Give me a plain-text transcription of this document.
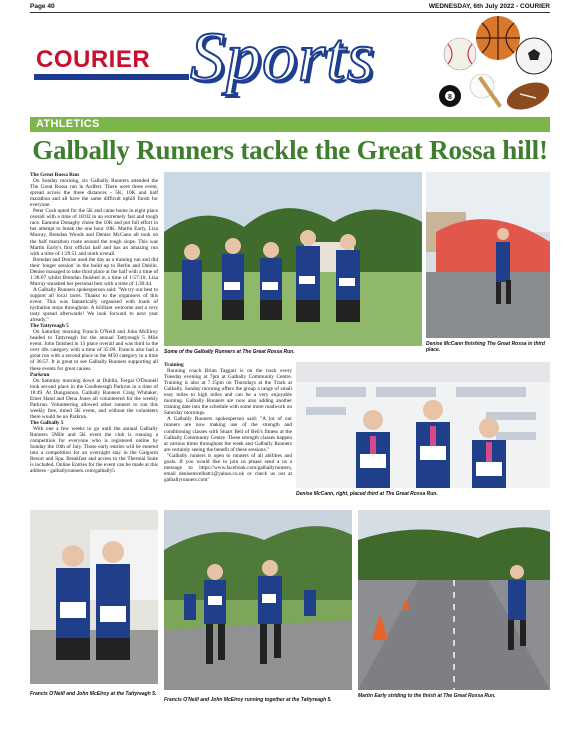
Page 40	WEDNESDAY, 6th July 2022 - COURIER
COURIER Sports
8
ATHLETICS
Galbally Runners tackle the Great Rossa hill!

The Great Rossa Run

On Sunday morning, six Galbally Runners attended the The Great Rossa run in Ardfert. There were three event, spread across the three distances - 5K, 10K and half marathon and all have the same difficult uphill finish for everyone.

Peter Cosh opted for the 5K and came home in eight place overall with a time of 18:02 in an extremely fast and tough race. Eamonn Donaghy chose the 10K and put full effort in her attempt to break the one hour 10K. Martin Early, Liza Murray, Brendan Woods and Denise McCann all took on the half marathon route around the tough slope. This was Martin Early's first official half and has an amazing run with a time of 1:29:51 and ninth overall.

Brendan and Denise used the day as a training run and did their 'longer session' in the build up to Berlin and Dublin. Denise managed to take third place at the half with a time of 1:38:07 whilst Brendan finished in a time of 1:57:10. Liza Murray smashed her personal best with a time of 1:30:44.

A Galbally Runners spokesperson said: "We try our best to support all local races. Thanks to the organisers of this event. This was fantastically organised with loads of hydration stops throughout. A brilliant welcome and a very tasty spread afterwards! We look forward to next year already."

The Tattyreagh 5

On Saturday morning Francis O'Neill and John McElroy headed to Tattyreagh for the annual Tattyreagh 5 Mile event. John finished in 13 place overall and was third in the over 40s category with a time of 35:09. Francis also had a great run with a second place in the M50 category in a time of 36:57. It is great to see Galbally Runners supporting all these events for great causes.

Parkrun

On Saturday morning down at Dublin, Fergal O'Donnell took second place in the Coolkeeragh Parkrun in a time of 18:49. At Dungannon, Galbally Runners Craig Whitaker, Emer Hand and Dena Jones all volunteered for the weekly Parkrun. Volunteering allowed other runners to run this weekly free, timed 5K event, and without the volunteers there would be no Parkrun.

The Galbally 5

With one a few weeks to go until the annual Galbally Runners 5Mile and 5K event the club is running a competition for everyone who is registered online by Sunday the 10th of July. Those early entries will be entered into a competition for an overnight stay in the Galgorm Resort and Spa. Breakfast and access to the Thermal Suite is included. Online Entries for the event can be made at this address - galballyrunners.com/galbally5

Some of the Galbally Runners at The Great Rossa Run.
Denise McCann finishing The Great Rossa in third place.
Denise McCann, right, placed third at The Great Rossa Run.

Training

Running coach Brian Taggart is on the track every Tuesday evening at 7pm at Galbally Community Centre. Training is also at 7.15pm on Thursdays at the Track at Galbally. Sunday morning offers the group a range of small easy miles to high miles and can be a very enjoyable morning. Galbally Runners are now also adding another training date into the schedule with some more roadwork on Saturday mornings.

A Galbally Runners spokesperson said: "A lot of our runners are now making use of the strength and conditioning classes with Stuart Bell of Bell's fitness at the Galbally Community Centre. These strength classes happen at various times throughout the week and Galbally Runners are certainly seeing the benefit of these sessions."

"Galbally runners is open to runners of all abilities and goals. If you would like to join us please send a us a message to https://www.facebook.com/galballyrunners, email denisemcelhatt1@yahoo.co.uk or check us out at galballyrunners.com"

Francis O'Neill and John McElroy at the Tattyreagh 5.
Francis O'Neill and John McElroy running together at the Tattyreagh 5.
Martin Early striding to the finish at The Great Rossa Run.
